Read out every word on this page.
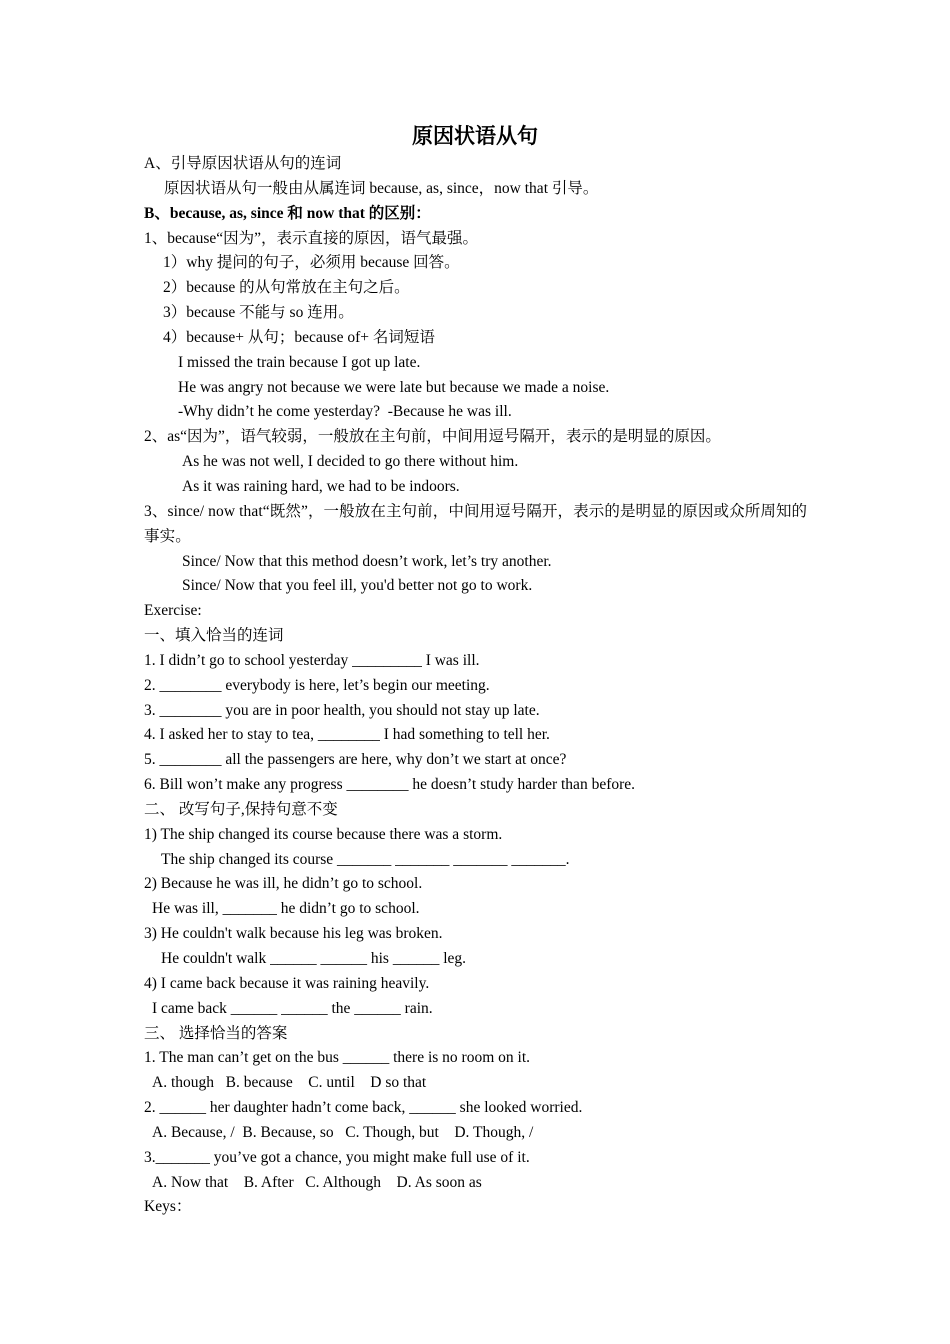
原因状语从句
A、引导原因状语从句的连词
原因状语从句一般由从属连词 because, as, since，now that 引导。
B、because, as, since 和 now that 的区别：
1、because“因为”，表示直接的原因，语气最强。
1）why 提问的句子，必须用 because 回答。
2）because 的从句常放在主句之后。
3）because 不能与 so 连用。
4）because+ 从句；because of+ 名词短语
I missed the train because I got up late.
He was angry not because we were late but because we made a noise.
-Why didn’t he come yesterday?  -Because he was ill.
2、as“因为”，语气较弱，一般放在主句前，中间用逗号隔开，表示的是明显的原因。
As he was not well, I decided to go there without him.
As it was raining hard, we had to be indoors.
3、since/ now that“既然”，一般放在主句前，中间用逗号隔开，表示的是明显的原因或众所周知的事实。
Since/ Now that this method doesn’t work, let’s try another.
Since/ Now that you feel ill, you'd better not go to work.
Exercise:
一、填入恰当的连词
1. I didn’t go to school yesterday _________ I was ill.
2. ________ everybody is here, let’s begin our meeting.
3. ________ you are in poor health, you should not stay up late.
4. I asked her to stay to tea, ________ I had something to tell her.
5. ________ all the passengers are here, why don’t we start at once?
6. Bill won’t make any progress ________ he doesn’t study harder than before.
二、 改写句子,保持句意不变
1) The ship changed its course because there was a storm.
The ship changed its course _______ _______ _______ _______.
2) Because he was ill, he didn’t go to school.
He was ill, _______ he didn’t go to school.
3) He couldn't walk because his leg was broken.
He couldn't walk ______ ______ his ______ leg.
4) I came back because it was raining heavily.
I came back ______ ______ the ______ rain.
三、 选择恰当的答案
1. The man can’t get on the bus ______ there is no room on it.
A. though   B. because    C. until    D so that
2. ______ her daughter hadn’t come back, ______ she looked worried.
A. Because, /  B. Because, so   C. Though, but    D. Though, /
3._______ you’ve got a chance, you might make full use of it.
A. Now that    B. After   C. Although    D. As soon as
Keys：
